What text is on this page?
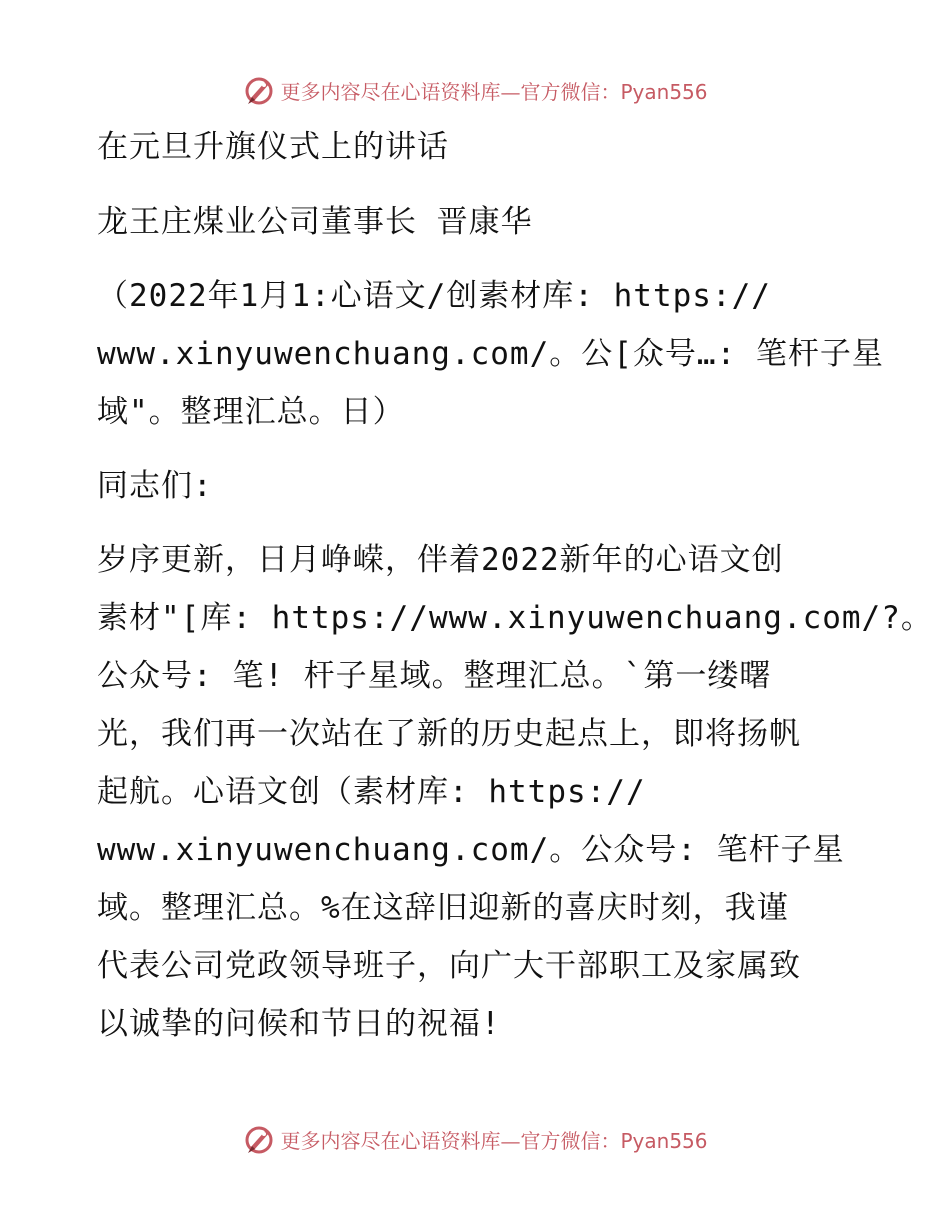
更多内容尽在心语资料库—官方微信：Pyan556
在元旦升旗仪式上的讲话
龙王庄煤业公司董事长 晋康华
（2022年1月1:心语文/创素材库: https://
www.xinyuwenchuang.com/。公[众号…: 笔杆子星
域"。整理汇总。日）
同志们:
岁序更新，日月峥嵘，伴着2022新年的心语文创
素材"[库: https://www.xinyuwenchuang.com/?。
公众号: 笔! 杆子星域。整理汇总。`第一缕曙
光，我们再一次站在了新的历史起点上，即将扬帆
起航。心语文创（素材库: https://
www.xinyuwenchuang.com/。公众号: 笔杆子星
域。整理汇总。%在这辞旧迎新的喜庆时刻，我谨
代表公司党政领导班子，向广大干部职工及家属致
以诚挚的问候和节日的祝福!
更多内容尽在心语资料库—官方微信：Pyan556
